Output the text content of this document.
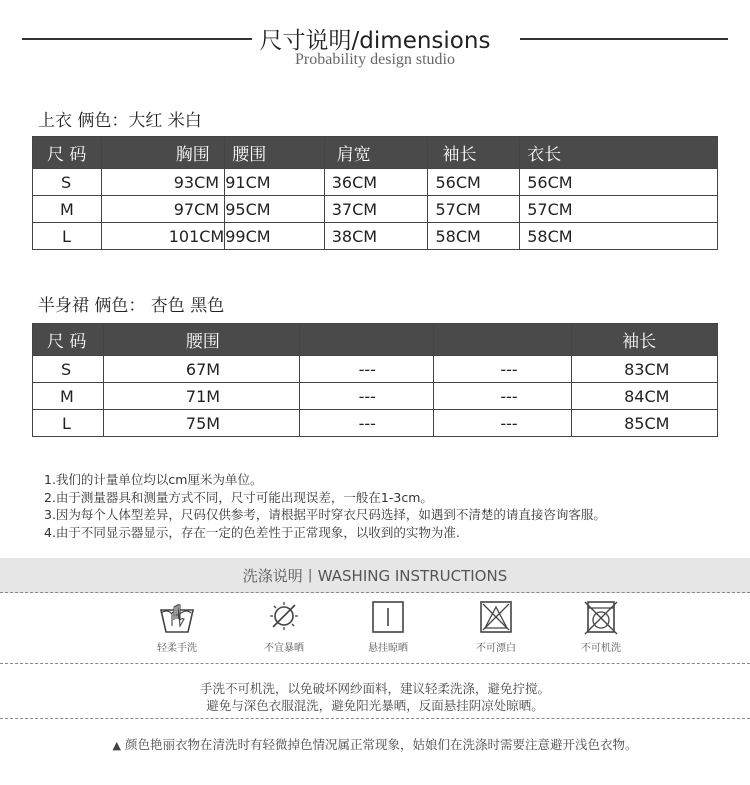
尺寸说明/dimensions
Probability design studio
上衣 俩色：大红 米白
尺 码	胸围	腰围	肩宽	袖长	衣长
S	93CM	91CM	36CM	56CM	56CM
M	97CM	95CM	37CM	57CM	57CM
L	101CM	99CM	38CM	58CM	58CM
半身裙 俩色： 杏色 黑色
尺 码	腰围			袖长
S	67M	---	---	83CM
M	71M	---	---	84CM
L	75M	---	---	85CM
1.我们的计量单位均以cm厘米为单位。
2.由于测量器具和测量方式不同，尺寸可能出现误差，一般在1-3cm。
3.因为每个人体型差异，尺码仅供参考，请根据平时穿衣尺码选择，如遇到不清楚的请直接咨询客服。
4.由于不同显示器显示，存在一定的色差性于正常现象，以收到的实物为准.
洗涤说明丨WASHING INSTRUCTIONS
轻柔手洗	不宜暴晒	悬挂晾晒	不可漂白	不可机洗
手洗不可机洗，以免破坏网纱面料，建议轻柔洗涤，避免拧搅。
避免与深色衣服混洗，避免阳光暴晒，反面悬挂阴凉处晾晒。
▲ 颜色艳丽衣物在清洗时有轻微掉色情况属正常现象，姑娘们在洗涤时需要注意避开浅色衣物。
